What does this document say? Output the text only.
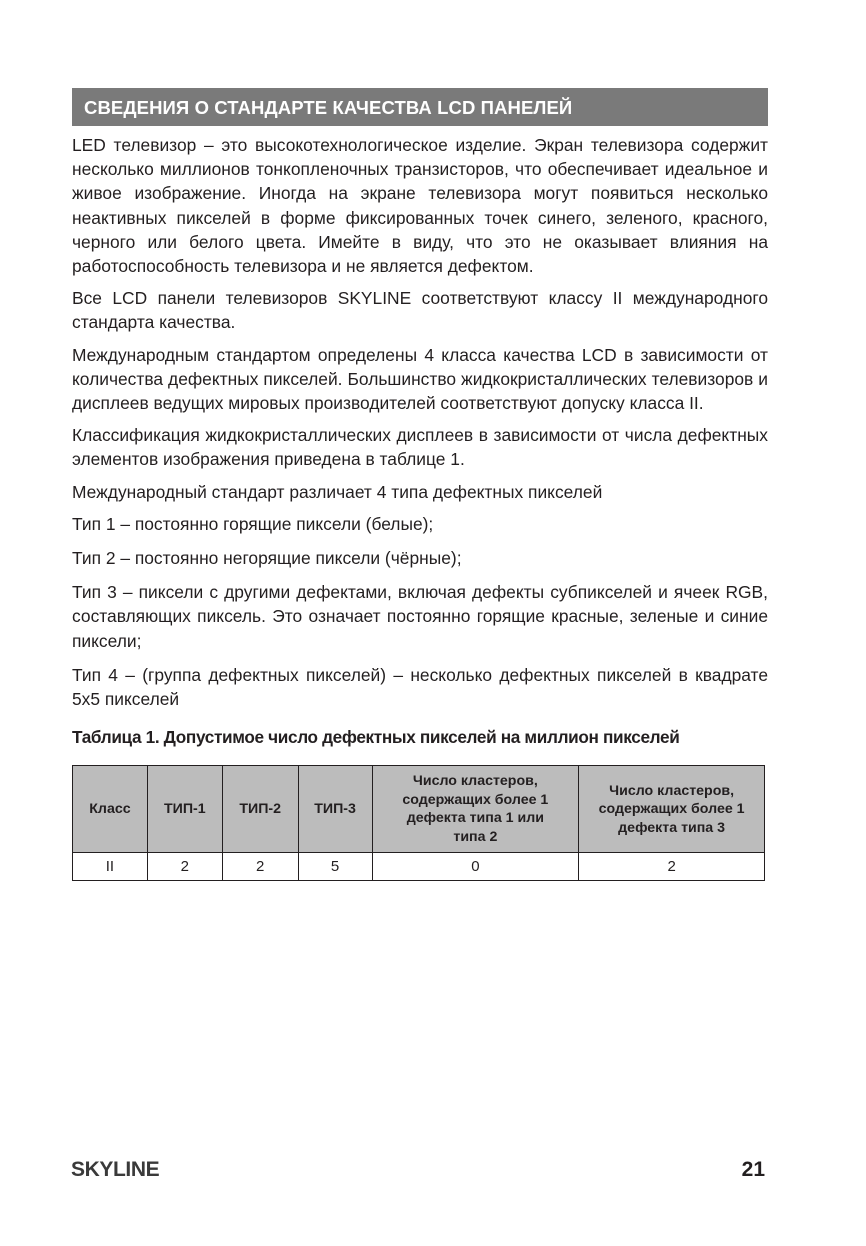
СВЕДЕНИЯ О СТАНДАРТЕ КАЧЕСТВА LCD ПАНЕЛЕЙ

LED телевизор – это высокотехнологическое изделие. Экран телевизора содержит несколько миллионов тонкопленочных транзисторов, что обеспечивает идеальное и живое изображение. Иногда на экране телевизора могут появиться несколько неактивных пикселей в форме фиксированных точек синего, зеленого, красного, черного или белого цвета. Имейте в виду, что это не оказывает влияния на работоспособность телевизора и не является дефектом.

Все LCD панели телевизоров SKYLINE соответствуют классу II международного стандарта качества.

Международным стандартом определены 4 класса качества LCD в зависимости от количества дефектных пикселей. Большинство жидкокристаллических телевизоров и дисплеев ведущих мировых производителей соответствуют допуску класса II.

Классификация жидкокристаллических дисплеев в зависимости от числа дефектных элементов изображения приведена в таблице 1.

Международный стандарт различает 4 типа дефектных пикселей

Тип 1 – постоянно горящие пиксели (белые);

Тип 2 – постоянно негорящие пиксели (чёрные);

Тип 3 – пиксели с другими дефектами, включая дефекты субпикселей и ячеек RGB, составляющих пиксель. Это означает постоянно горящие красные, зеленые и синие пиксели;

Тип 4 – (группа дефектных пикселей) – несколько дефектных пикселей в квадрате 5х5 пикселей

Таблица 1. Допустимое число дефектных пикселей на миллион пикселей
Класс	ТИП-1	ТИП-2	ТИП-3	Число кластеров, содержащих более 1 дефекта типа 1 или типа 2	Число кластеров, содержащих более 1 дефекта типа 3
II	2	2	5	0	2
SKYLINE	21
